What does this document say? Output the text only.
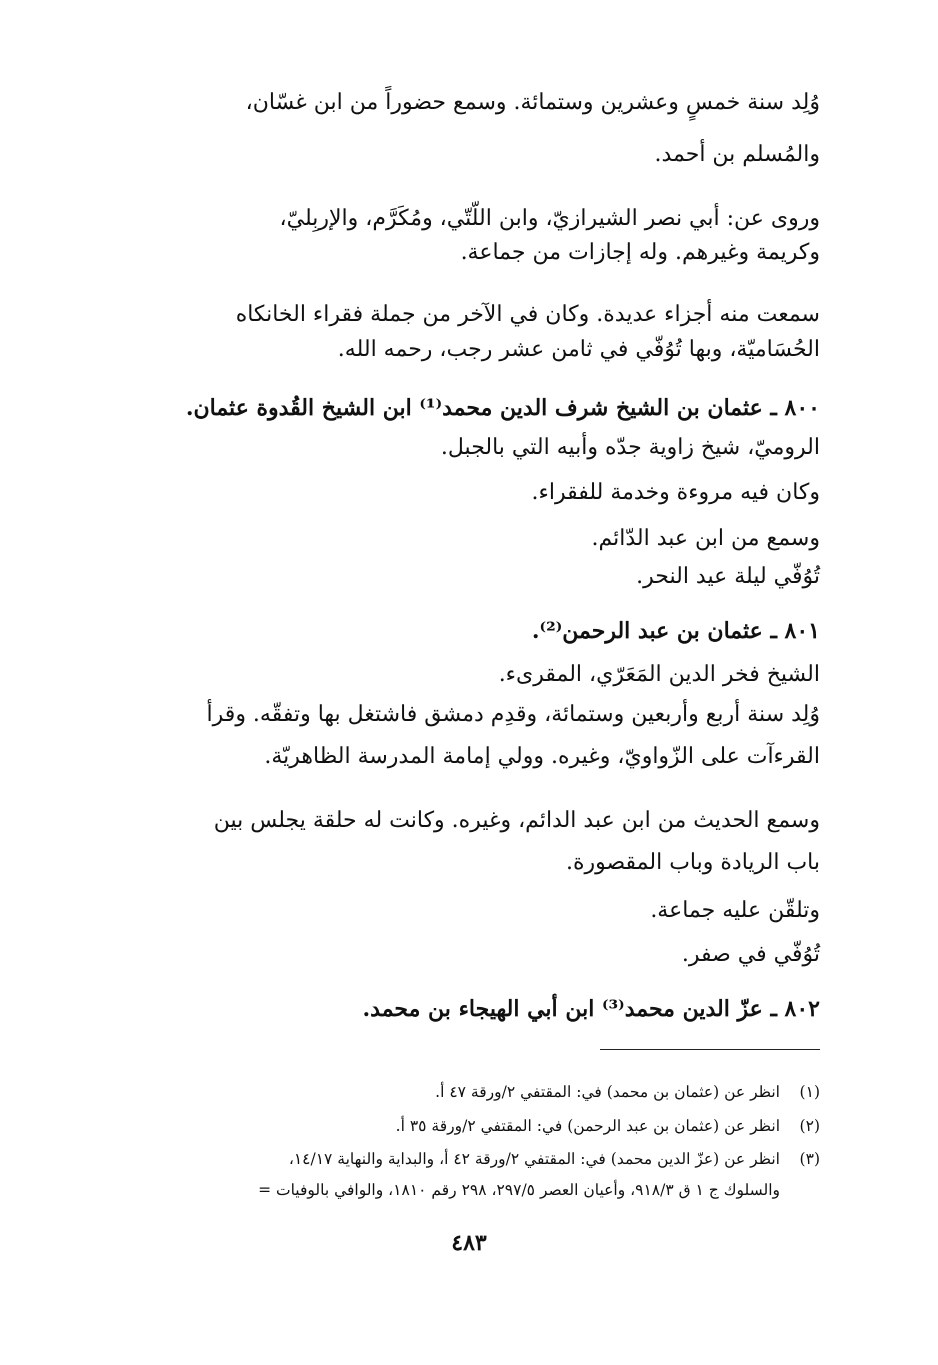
وُلِد سنة خمسٍ وعشرين وستمائة. وسمع حضوراً من ابن غسّان،
والمُسلم بن أحمد.
وروى عن: أبي نصر الشيرازيّ، وابن اللّتّي، ومُكَرَّم، والإربِليّ،
وكريمة وغيرهم. وله إجازات من جماعة.
سمعت منه أجزاء عديدة. وكان في الآخر من جملة فقراء الخانكاه
الحُسَاميّة، وبها تُوُفّي في ثامن عشر رجب، رحمه الله.
٨٠٠ ـ عثمان بن الشيخ شرف الدين محمد⁽¹⁾ ابن الشيخ القُدوة عثمان.
الروميّ، شيخ زاوية جدّه وأبيه التي بالجبل.
وكان فيه مروءة وخدمة للفقراء.
وسمع من ابن عبد الدّائم.
تُوُفّي ليلة عيد النحر.
٨٠١ ـ عثمان بن عبد الرحمن⁽²⁾.
الشيخ فخر الدين المَعَرّي، المقرىء.
وُلِد سنة أربع وأربعين وستمائة، وقدِم دمشق فاشتغل بها وتفقّه. وقرأ
القرءآت على الزّواويّ، وغيره. وولي إمامة المدرسة الظاهريّة.
وسمع الحديث من ابن عبد الدائم، وغيره. وكانت له حلقة يجلس بين
باب الريادة وباب المقصورة.
وتلقّن عليه جماعة.
تُوُفّي في صفر.
٨٠٢ ـ عزّ الدين محمد⁽³⁾ ابن أبي الهيجاء بن محمد.
(١)انظر عن (عثمان بن محمد) في: المقتفي ٢/ورقة ٤٧ أ.
(٢)انظر عن (عثمان بن عبد الرحمن) في: المقتفي ٢/ورقة ٣٥ أ.
(٣)انظر عن (عزّ الدين محمد) في: المقتفي ٢/ورقة ٤٢ أ، والبداية والنهاية ١٤/١٧،
والسلوك ج ١ ق ٩١٨/٣، وأعيان العصر ٢٩٧/٥، ٢٩٨ رقم ١٨١٠، والوافي بالوفيات =
٤٨٣
